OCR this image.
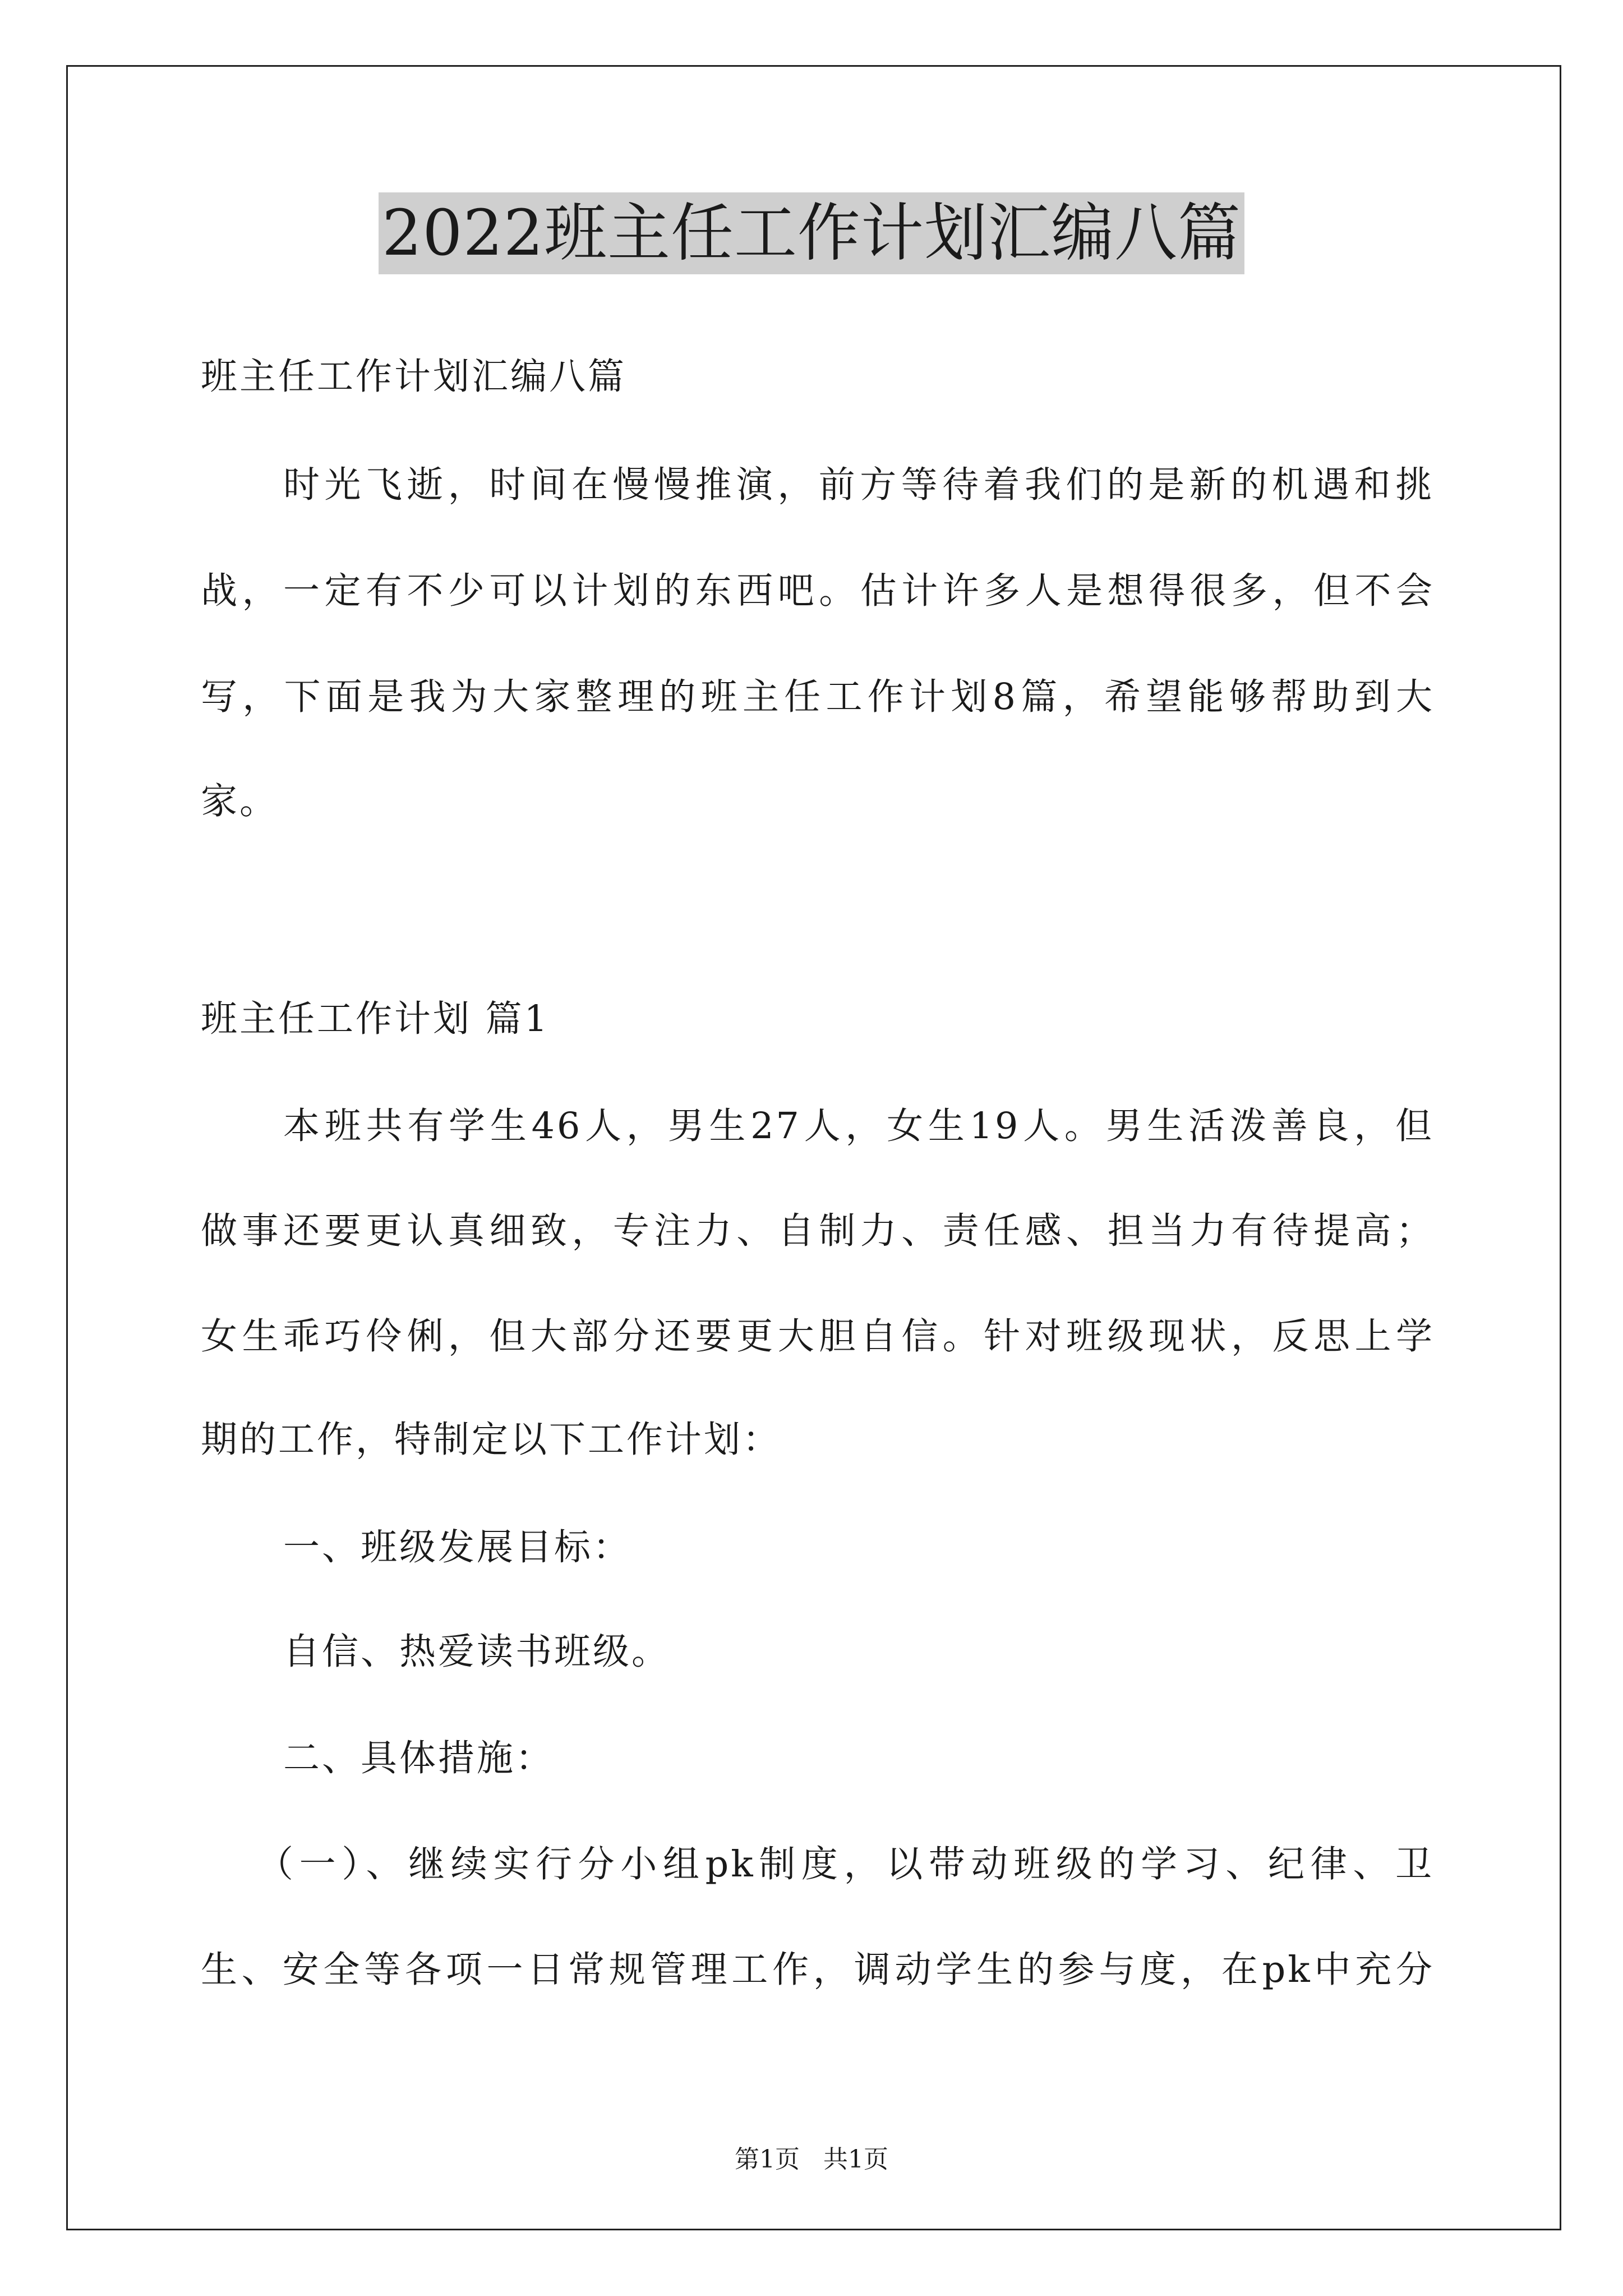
2022班主任工作计划汇编八篇
班主任工作计划汇编八篇
时光飞逝，时间在慢慢推演，前方等待着我们的是新的机遇和挑
战，一定有不少可以计划的东西吧。估计许多人是想得很多，但不会
写，下面是我为大家整理的班主任工作计划8篇，希望能够帮助到大
家。
班主任工作计划 篇1
本班共有学生46人，男生27人，女生19人。男生活泼善良，但
做事还要更认真细致，专注力、自制力、责任感、担当力有待提高；
女生乖巧伶俐，但大部分还要更大胆自信。针对班级现状，反思上学
期的工作，特制定以下工作计划：
一、班级发展目标：
自信、热爱读书班级。
二、具体措施：
（一）、继续实行分小组pk制度，以带动班级的学习、纪律、卫
生、安全等各项一日常规管理工作，调动学生的参与度，在pk中充分
第1页   共1页
